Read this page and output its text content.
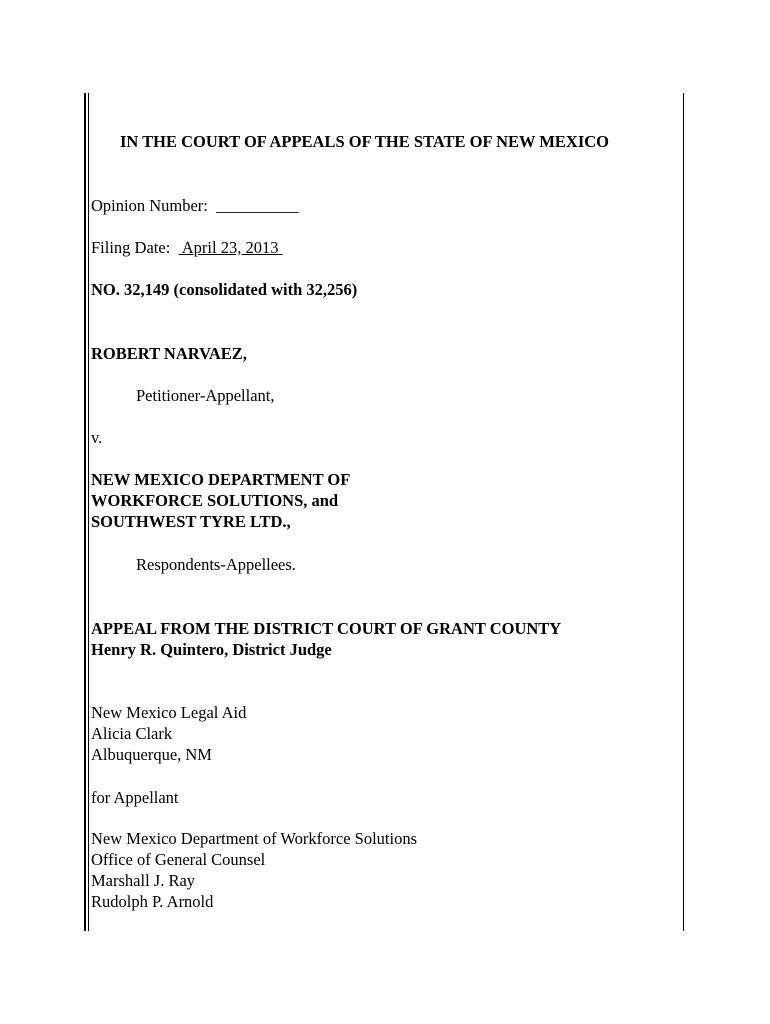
IN THE COURT OF APPEALS OF THE STATE OF NEW MEXICO
Opinion Number: __________
Filing Date:   April 23, 2013
NO. 32,149 (consolidated with 32,256)
ROBERT NARVAEZ,
Petitioner-Appellant,
v.
NEW MEXICO DEPARTMENT OF
WORKFORCE SOLUTIONS, and
SOUTHWEST TYRE LTD.,
Respondents-Appellees.
APPEAL FROM THE DISTRICT COURT OF GRANT COUNTY
Henry R. Quintero, District Judge
New Mexico Legal Aid
Alicia Clark
Albuquerque, NM
for Appellant
New Mexico Department of Workforce Solutions
Office of General Counsel
Marshall J. Ray
Rudolph P. Arnold
